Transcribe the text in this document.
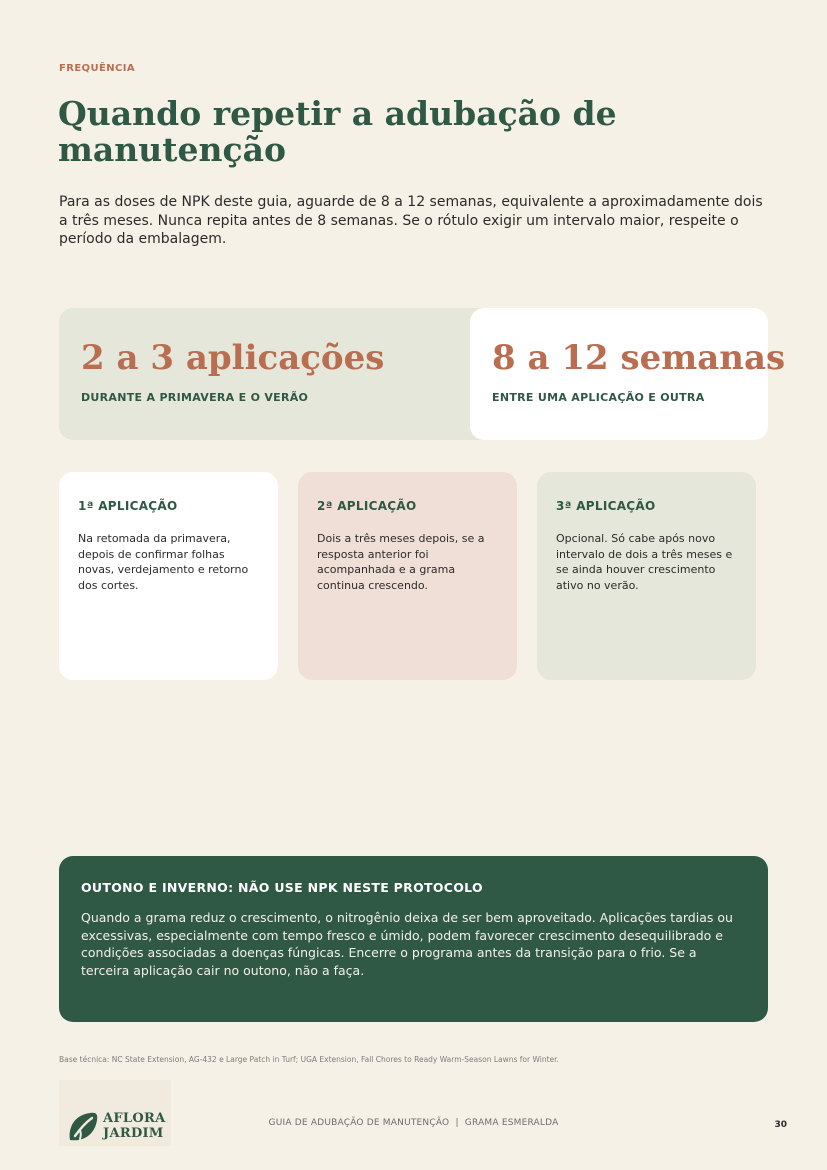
FREQUÊNCIA
Quando repetir a adubação de manutenção

Para as doses de NPK deste guia, aguarde de 8 a 12 semanas, equivalente a aproximadamente dois a três meses. Nunca repita antes de 8 semanas. Se o rótulo exigir um intervalo maior, respeite o período da embalagem.

2 a 3 aplicações
DURANTE A PRIMAVERA E O VERÃO
8 a 12 semanas
ENTRE UMA APLICAÇÃO E OUTRA
1ª APLICAÇÃO

Na retomada da primavera, depois de confirmar folhas novas, verdejamento e retorno dos cortes.

2ª APLICAÇÃO

Dois a três meses depois, se a resposta anterior foi acompanhada e a grama continua crescendo.

3ª APLICAÇÃO

Opcional. Só cabe após novo intervalo de dois a três meses e se ainda houver crescimento ativo no verão.

OUTONO E INVERNO: NÃO USE NPK NESTE PROTOCOLO

Quando a grama reduz o crescimento, o nitrogênio deixa de ser bem aproveitado. Aplicações tardias ou excessivas, especialmente com tempo fresco e úmido, podem favorecer crescimento desequilibrado e condições associadas a doenças fúngicas. Encerre o programa antes da transição para o frio. Se a terceira aplicação cair no outono, não a faça.

Base técnica: NC State Extension, AG-432 e Large Patch in Turf; UGA Extension, Fall Chores to Ready Warm-Season Lawns for Winter.
AFLORA
JARDIM
GUIA DE ADUBAÇÃO DE MANUTENÇÃO  |  GRAMA ESMERALDA	30
